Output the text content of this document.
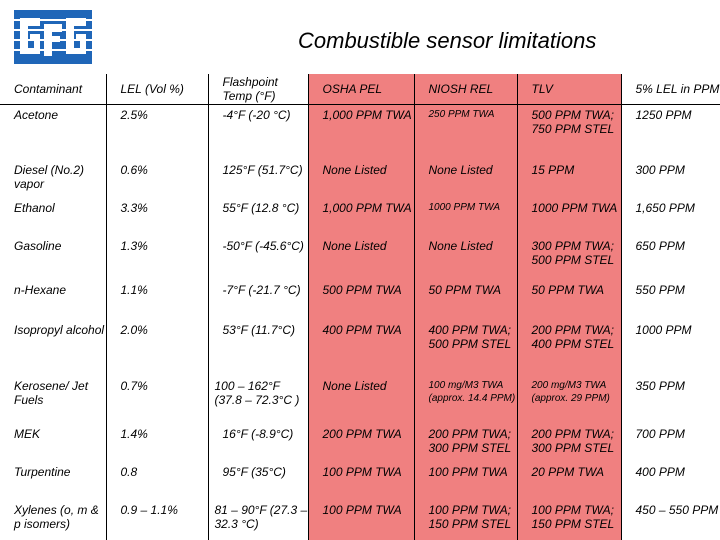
Combustible sensor limitations
Contaminant	LEL (Vol %)	Flashpoint Temp (°F)	OSHA PEL	NIOSH REL	TLV	5% LEL in PPM

Acetone	2.5%	-4°F (-20 °C)	1,000 PPM TWA	250 PPM TWA	500 PPM TWA; 750 PPM STEL	1250 PPM

Diesel (No.2) vapor	0.6%	125°F (51.7°C)	None Listed	None Listed	15 PPM	300 PPM

Ethanol	3.3%	55°F (12.8 °C)	1,000 PPM TWA	1000 PPM TWA	1000 PPM TWA	1,650 PPM

Gasoline	1.3%	-50°F (-45.6°C)	None Listed	None Listed	300 PPM TWA; 500 PPM STEL	650 PPM

n-Hexane	1.1%	-7°F (-21.7 °C)	500 PPM TWA	50 PPM TWA	50 PPM TWA	550 PPM

Isopropyl alcohol	2.0%	53°F (11.7°C)	400 PPM TWA	400 PPM TWA; 500 PPM STEL	200 PPM TWA; 400 PPM STEL	1000 PPM

Kerosene/ Jet Fuels	0.7%	100 – 162°F (37.8 – 72.3°C )	None Listed	100 mg/M3 TWA (approx. 14.4 PPM)	200 mg/M3 TWA (approx. 29 PPM)	350 PPM

MEK	1.4%	16°F (-8.9°C)	200 PPM TWA	200 PPM TWA; 300 PPM STEL	200 PPM TWA; 300 PPM STEL	700 PPM

Turpentine	0.8	95°F (35°C)	100 PPM TWA	100 PPM TWA	20 PPM TWA	400 PPM

Xylenes (o, m & p isomers)	0.9 – 1.1%	81 – 90°F (27.3 – 32.3 °C)	100 PPM TWA	100 PPM TWA; 150 PPM STEL	100 PPM TWA; 150 PPM STEL	450 – 550 PPM
